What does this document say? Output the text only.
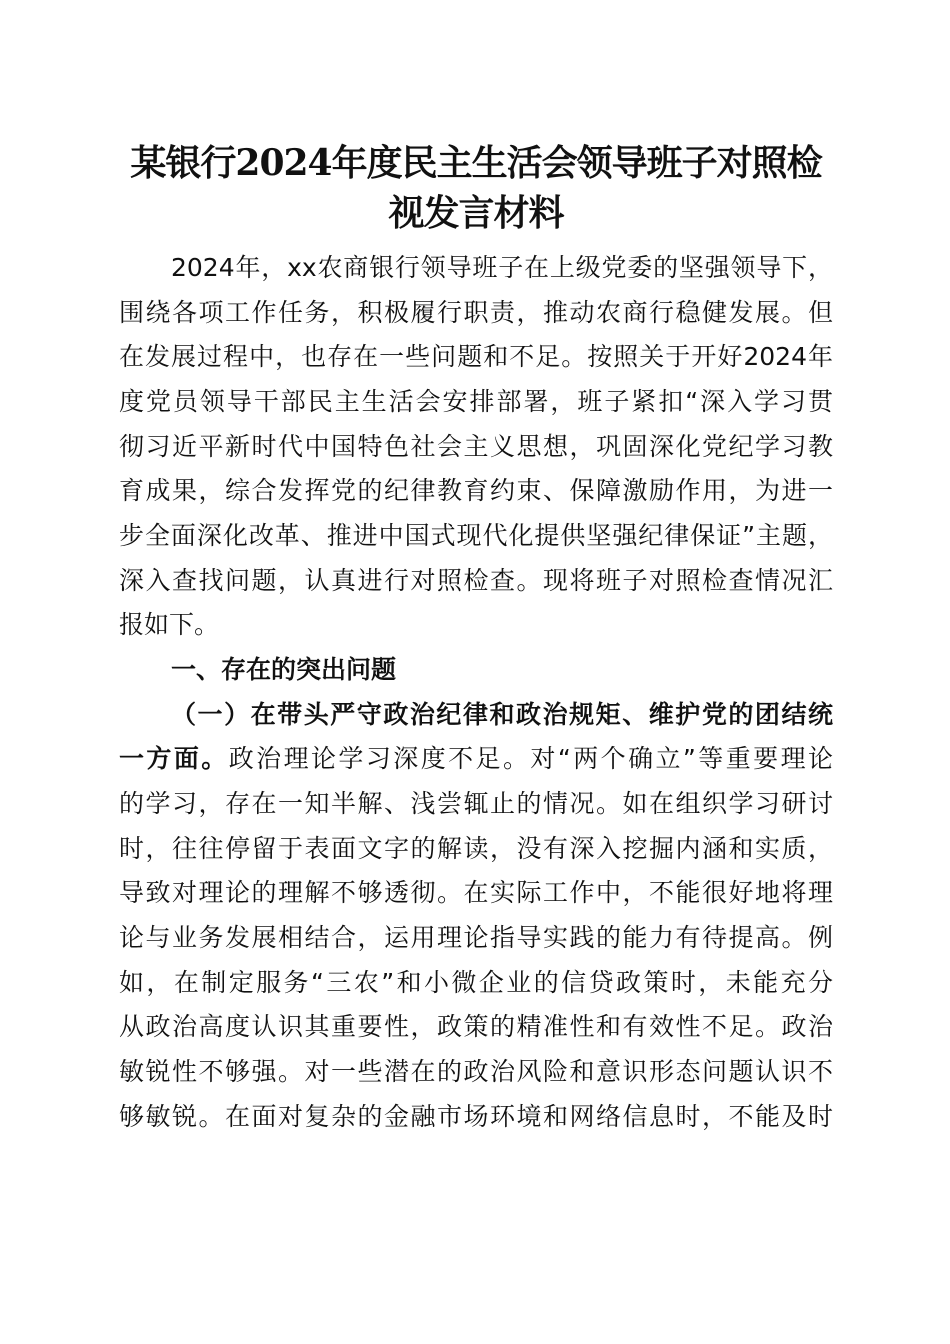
某银行2024年度民主生活会领导班子对照检
视发言材料
2024年，xx农商银行领导班子在上级党委的坚强领导下，
围绕各项工作任务，积极履行职责，推动农商行稳健发展。但
在发展过程中，也存在一些问题和不足。按照关于开好2024年
度党员领导干部民主生活会安排部署，班子紧扣“深入学习贯
彻习近平新时代中国特色社会主义思想，巩固深化党纪学习教
育成果，综合发挥党的纪律教育约束、保障激励作用，为进一
步全面深化改革、推进中国式现代化提供坚强纪律保证”主题，
深入查找问题，认真进行对照检查。现将班子对照检查情况汇
报如下。
一、存在的突出问题
（一）在带头严守政治纪律和政治规矩、维护党的团结统
一方面。政治理论学习深度不足。对“两个确立”等重要理论
的学习，存在一知半解、浅尝辄止的情况。如在组织学习研讨
时，往往停留于表面文字的解读，没有深入挖掘内涵和实质，
导致对理论的理解不够透彻。在实际工作中，不能很好地将理
论与业务发展相结合，运用理论指导实践的能力有待提高。例
如，在制定服务“三农”和小微企业的信贷政策时，未能充分
从政治高度认识其重要性，政策的精准性和有效性不足。政治
敏锐性不够强。对一些潜在的政治风险和意识形态问题认识不
够敏锐。在面对复杂的金融市场环境和网络信息时，不能及时
